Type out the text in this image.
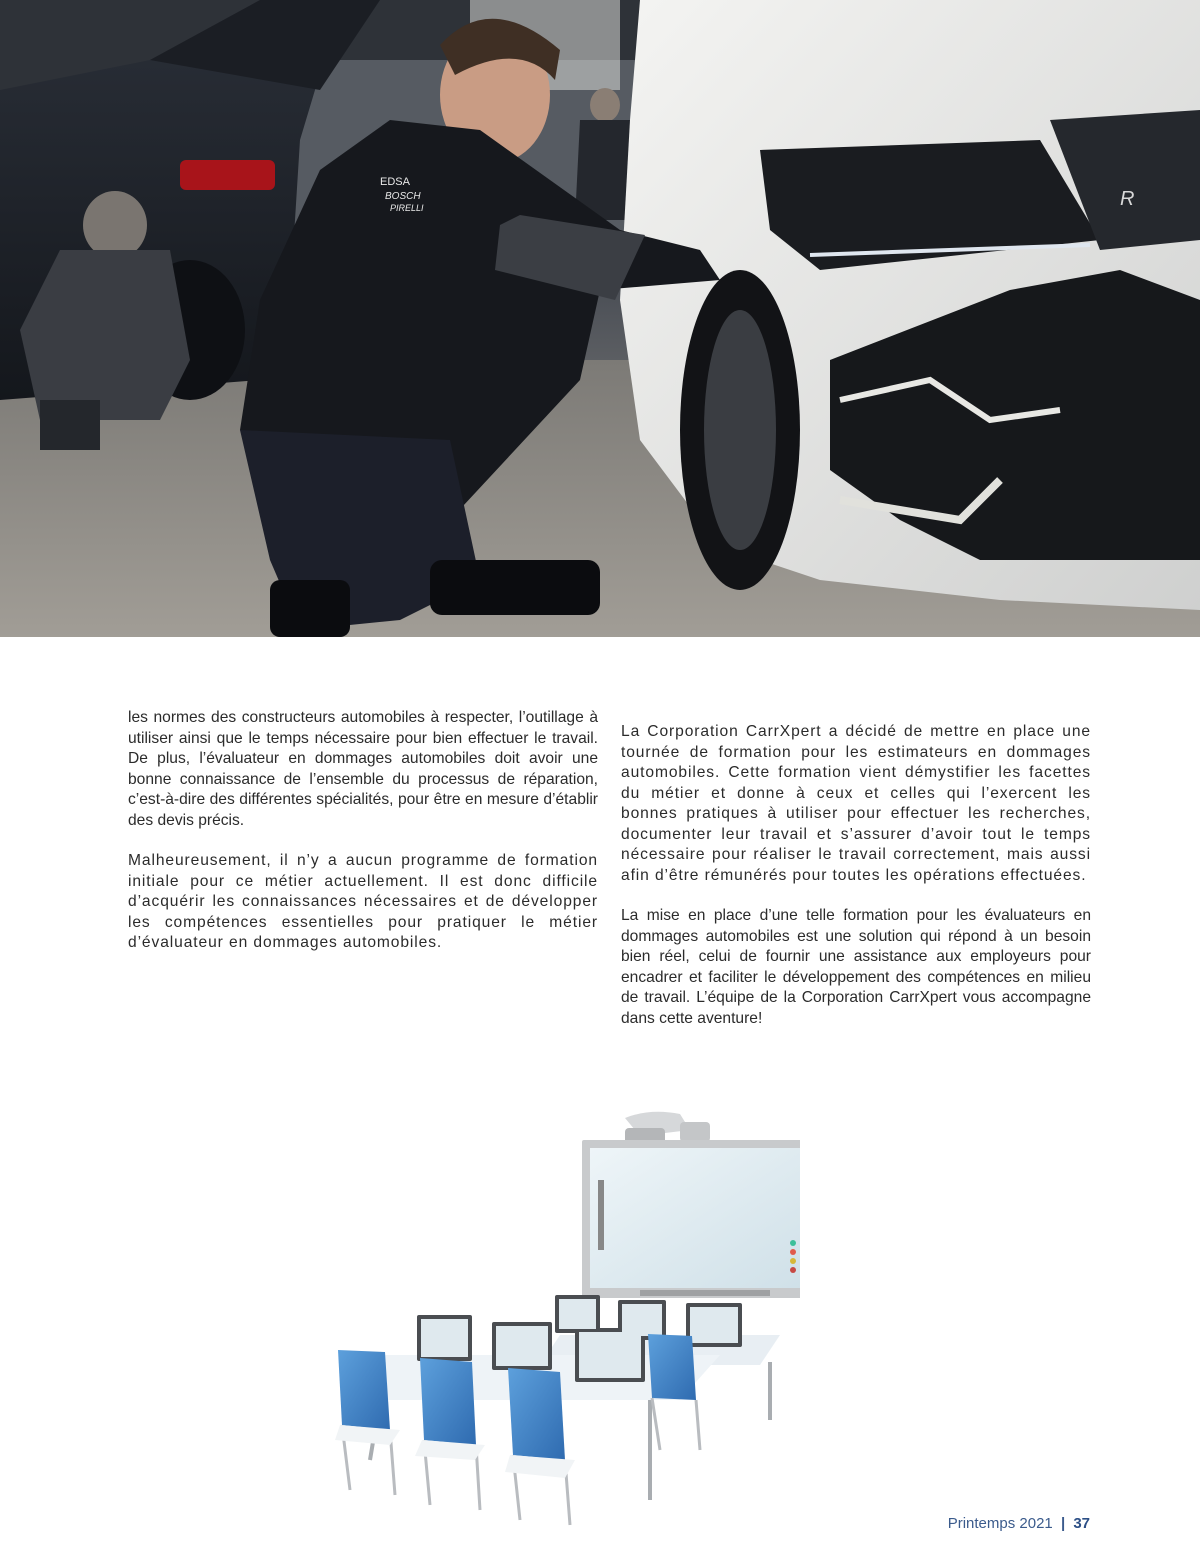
R
EDSA
BOSCH
PIRELLI

les normes des constructeurs automobiles à respecter, l’outillage à utiliser ainsi que le temps nécessaire pour bien effectuer le travail. De plus, l’évaluateur en dommages automobiles doit avoir une bonne connaissance de l’ensemble du processus de réparation, c’est-à-dire des différentes spécialités, pour être en mesure d’établir des devis précis.

Malheureusement, il n’y a aucun programme de formation initiale pour ce métier actuellement. Il est donc difficile d’acquérir les connaissances nécessaires et de développer les compétences essentielles pour pratiquer le métier d’évaluateur en dommages automobiles.

La Corporation CarrXpert a décidé de mettre en place une tournée de formation pour les estimateurs en dommages automobiles. Cette formation vient démystifier les facettes du métier et donne à ceux et celles qui l’exercent les bonnes pratiques à utiliser pour effectuer les recherches, documenter leur travail et s’assurer d’avoir tout le temps nécessaire pour réaliser le travail correctement, mais aussi afin d’être rémunérés pour toutes les opérations effectuées.

La mise en place d’une telle formation pour les évaluateurs en dommages automobiles est une solution qui répond à un besoin bien réel, celui de fournir une assistance aux employeurs pour encadrer et faciliter le développement des compétences en milieu de travail. L’équipe de la Corporation CarrXpert vous accompagne dans cette aventure!

Printemps 2021 | 37
